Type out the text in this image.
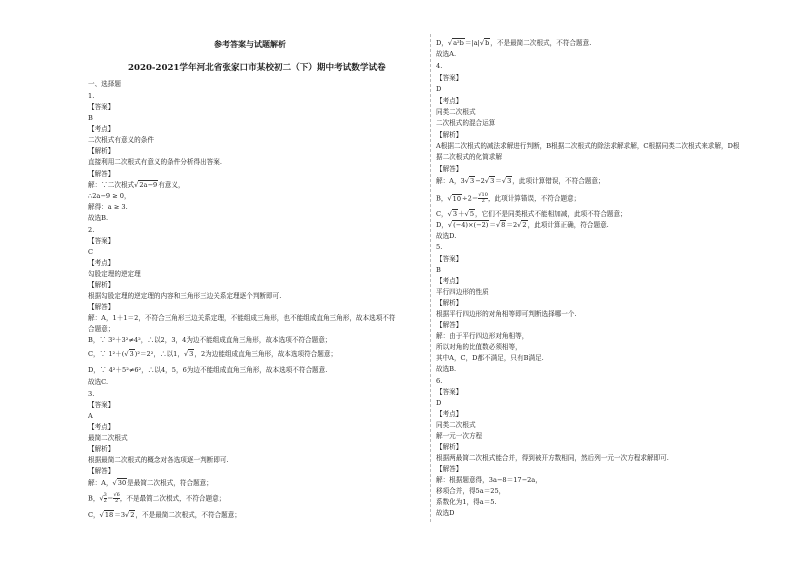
参考答案与试题解析
2020-2021学年河北省张家口市某校初二（下）期中考试数学试卷
一、选择题
1.
【答案】
B
【考点】
二次根式有意义的条件
【解析】
直接利用二次根式有意义的条件分析得出答案.
【解答】
解：∵二次根式√2a−9有意义，
∴2a−9 ≥ 0，
解得：a ≥ 3.
故选B.
2.
【答案】
C
【考点】
勾股定理的逆定理
【解析】
根据勾股定理的逆定理的内容和三角形三边关系定理逐个判断即可.
【解答】
解：A，1＋1＝2，不符合三角形三边关系定理，不能组成三角形，也不能组成直角三角形，故本选项不符
合题意；
B，∵ 3²＋3²≠4²，∴以2，3，4为边不能组成直角三角形，故本选项不符合题意；
C，∵ 1²＋(√3)²＝2²，∴以1，√3，2为边能组成直角三角形，故本选项符合题意；
D，∵ 4²＋5²≠6²，∴以4，5，6为边不能组成直角三角形，故本选项不符合题意.
故选C.
3.
【答案】
A
【考点】
最简二次根式
【解析】
根据最简二次根式的概念对各选项逐一判断即可.
【解答】
解：A，√30是最简二次根式，符合题意；
B，√ $\frac{3}{2} = \frac{√6}{2}$ ，不是最简二次根式，不符合题意；
C，√18＝3√2，不是最简二次根式，不符合题意；
D，√a²b＝|a|√b，不是最简二次根式，不符合题意.
故选A.
4.
【答案】
D
【考点】
同类二次根式
二次根式的混合运算
【解析】
A根据二次根式的减法求解进行判断，B根据二次根式的除法求解求解，C根据同类二次根式来求解，D根
据二次根式的化简求解
【解答】
解：A，3√3−2√3＝√3，此项计算错误，不符合题意；
B，$√10\div 2= \frac{√10}{2}$ ，此项计算错误，不符合题意；
C，√3＋√5，它们不是同类根式不能相加减，此项不符合题意；
D，√(−4)×(−2)＝√8＝2√2，此项计算正确，符合题意.
故选D.
5.
【答案】
B
【考点】
平行四边形的性质
【解析】
根据平行四边形的对角相等即可判断选择哪一个.
【解答】
解：由于平行四边形对角相等，
所以对角的比值数必须相等，
其中A，C，D都不满足，只有B满足.
故选B.
6.
【答案】
D
【考点】
同类二次根式
解一元一次方程
【解析】
根据两最简二次根式能合并，得到被开方数相同，然后列一元一次方程求解即可.
【解答】
解：根据题意得，3a−8＝17−2a，
移项合并，得5a＝25，
系数化为1，得a＝5.
故选D
